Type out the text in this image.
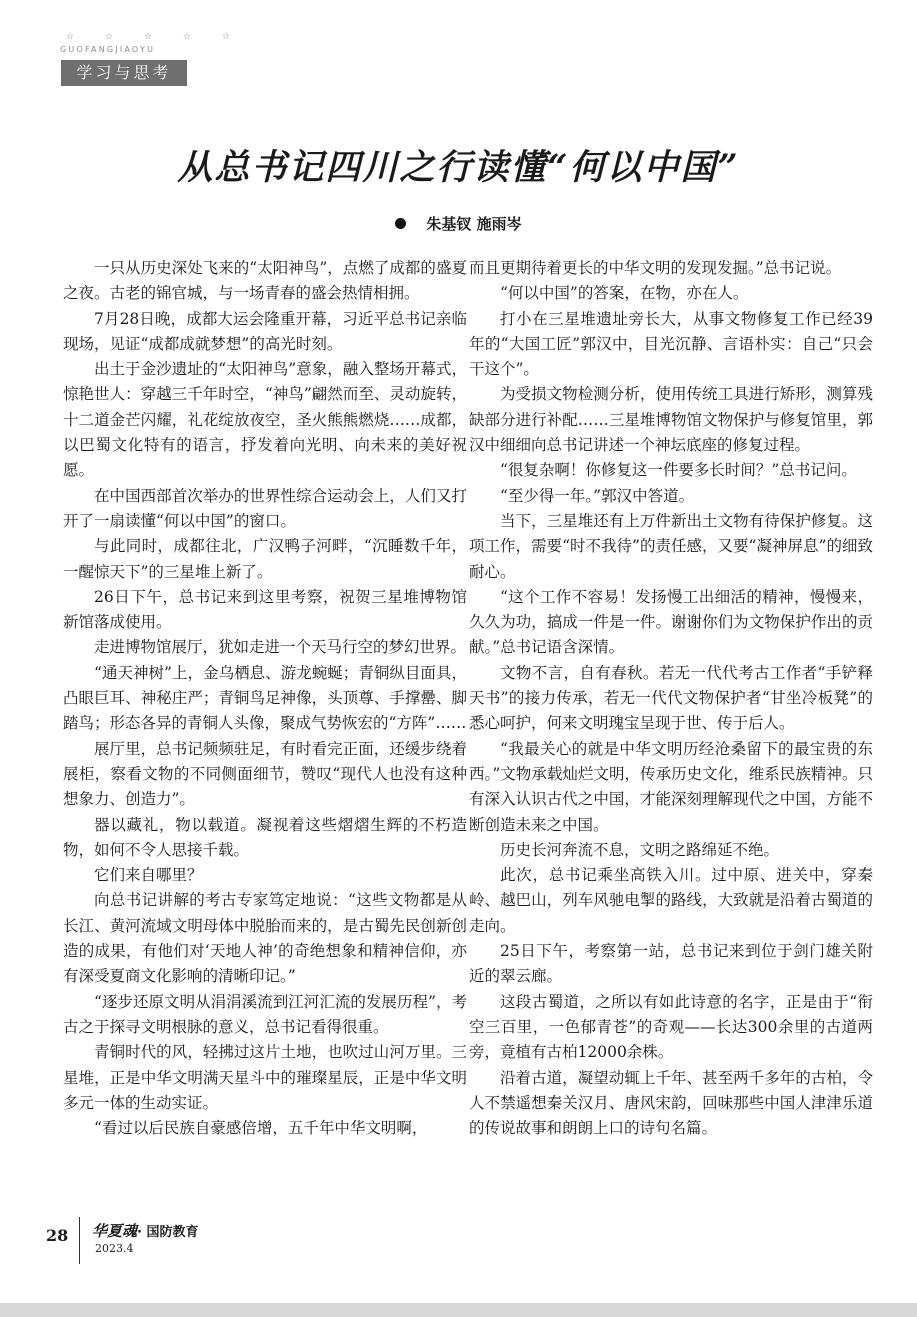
☆ ☆ ☆ ☆ ☆
GUOFANGJIAOYU
学习与思考
从总书记四川之行读懂“何以中国”
朱基钗 施雨岑

一只从历史深处飞来的“太阳神鸟”，点燃了成都的盛夏之夜。古老的锦官城，与一场青春的盛会热情相拥。

7月28日晚，成都大运会隆重开幕，习近平总书记亲临现场，见证“成都成就梦想”的高光时刻。

出土于金沙遗址的“太阳神鸟”意象，融入整场开幕式，惊艳世人：穿越三千年时空，“神鸟”翩然而至、灵动旋转，十二道金芒闪耀，礼花绽放夜空，圣火熊熊燃烧……成都，以巴蜀文化特有的语言，抒发着向光明、向未来的美好祝愿。

在中国西部首次举办的世界性综合运动会上，人们又打开了一扇读懂“何以中国”的窗口。

与此同时，成都往北，广汉鸭子河畔，“沉睡数千年，一醒惊天下”的三星堆上新了。

26日下午，总书记来到这里考察，祝贺三星堆博物馆新馆落成使用。

走进博物馆展厅，犹如走进一个天马行空的梦幻世界。

“通天神树”上，金乌栖息、游龙蜿蜒；青铜纵目面具，凸眼巨耳、神秘庄严；青铜鸟足神像，头顶尊、手撑罍、脚踏鸟；形态各异的青铜人头像，聚成气势恢宏的“方阵”……

展厅里，总书记频频驻足，有时看完正面，还缓步绕着展柜，察看文物的不同侧面细节，赞叹“现代人也没有这种想象力、创造力”。

器以藏礼，物以载道。凝视着这些熠熠生辉的不朽造物，如何不令人思接千载。

它们来自哪里？

向总书记讲解的考古专家笃定地说：“这些文物都是从长江、黄河流域文明母体中脱胎而来的，是古蜀先民创新创造的成果，有他们对‘天地人神’的奇绝想象和精神信仰，亦有深受夏商文化影响的清晰印记。”

“逐步还原文明从涓涓溪流到江河汇流的发展历程”，考古之于探寻文明根脉的意义，总书记看得很重。

青铜时代的风，轻拂过这片土地，也吹过山河万里。三星堆，正是中华文明满天星斗中的璀璨星辰，正是中华文明多元一体的生动实证。

“看过以后民族自豪感倍增，五千年中华文明啊，

而且更期待着更长的中华文明的发现发掘。”总书记说。

“何以中国”的答案，在物，亦在人。

打小在三星堆遗址旁长大，从事文物修复工作已经39年的“大国工匠”郭汉中，目光沉静、言语朴实：自己“只会干这个”。

为受损文物检测分析，使用传统工具进行矫形，测算残缺部分进行补配……三星堆博物馆文物保护与修复馆里，郭汉中细细向总书记讲述一个神坛底座的修复过程。

“很复杂啊！你修复这一件要多长时间？”总书记问。

“至少得一年。”郭汉中答道。

当下，三星堆还有上万件新出土文物有待保护修复。这项工作，需要“时不我待”的责任感，又要“凝神屏息”的细致耐心。

“这个工作不容易！发扬慢工出细活的精神，慢慢来，久久为功，搞成一件是一件。谢谢你们为文物保护作出的贡献。”总书记语含深情。

文物不言，自有春秋。若无一代代考古工作者“手铲释天书”的接力传承，若无一代代文物保护者“甘坐冷板凳”的悉心呵护，何来文明瑰宝呈现于世、传于后人。

“我最关心的就是中华文明历经沧桑留下的最宝贵的东西。”文物承载灿烂文明，传承历史文化，维系民族精神。只有深入认识古代之中国，才能深刻理解现代之中国，方能不断创造未来之中国。

历史长河奔流不息，文明之路绵延不绝。

此次，总书记乘坐高铁入川。过中原、进关中，穿秦岭、越巴山，列车风驰电掣的路线，大致就是沿着古蜀道的走向。

25日下午，考察第一站，总书记来到位于剑门雄关附近的翠云廊。

这段古蜀道，之所以有如此诗意的名字，正是由于“衔空三百里，一色郁青苍”的奇观——长达300余里的古道两旁，竟植有古柏12000余株。

沿着古道，凝望动辄上千年、甚至两千多年的古柏，令人不禁遥想秦关汉月、唐风宋韵，回味那些中国人津津乐道的传说故事和朗朗上口的诗句名篇。

28 华夏魂· 国防教育
2023.4
